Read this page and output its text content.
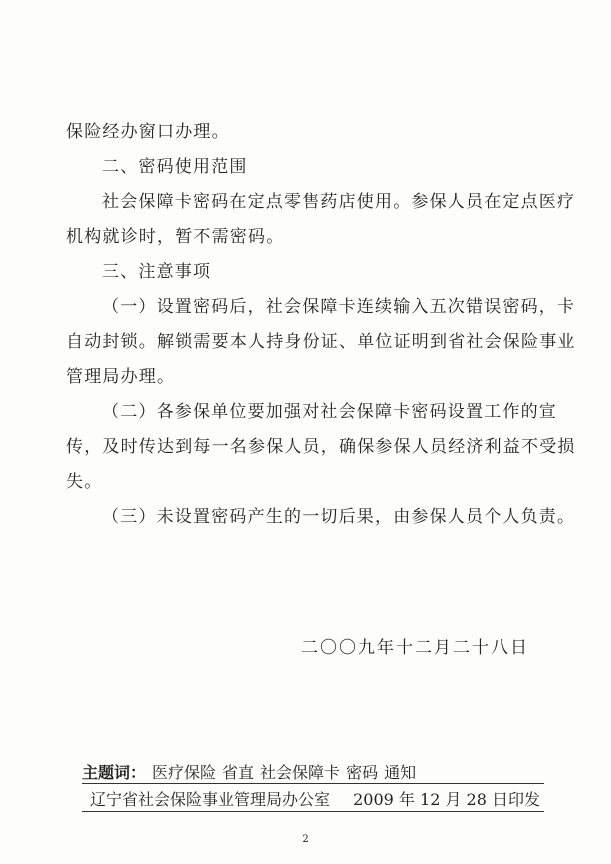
保险经办窗口办理。
二、密码使用范围
社会保障卡密码在定点零售药店使用。参保人员在定点医疗
机构就诊时，暂不需密码。
三、注意事项
（一）设置密码后，社会保障卡连续输入五次错误密码，卡
自动封锁。解锁需要本人持身份证、单位证明到省社会保险事业
管理局办理。
（二）各参保单位要加强对社会保障卡密码设置工作的宣
传，及时传达到每一名参保人员，确保参保人员经济利益不受损
失。
（三）未设置密码产生的一切后果，由参保人员个人负责。
二〇〇九年十二月二十八日
主题词： 医疗保险 省直 社会保障卡 密码 通知
辽宁省社会保险事业管理局办公室 2009 年 12 月 28 日印发
2
